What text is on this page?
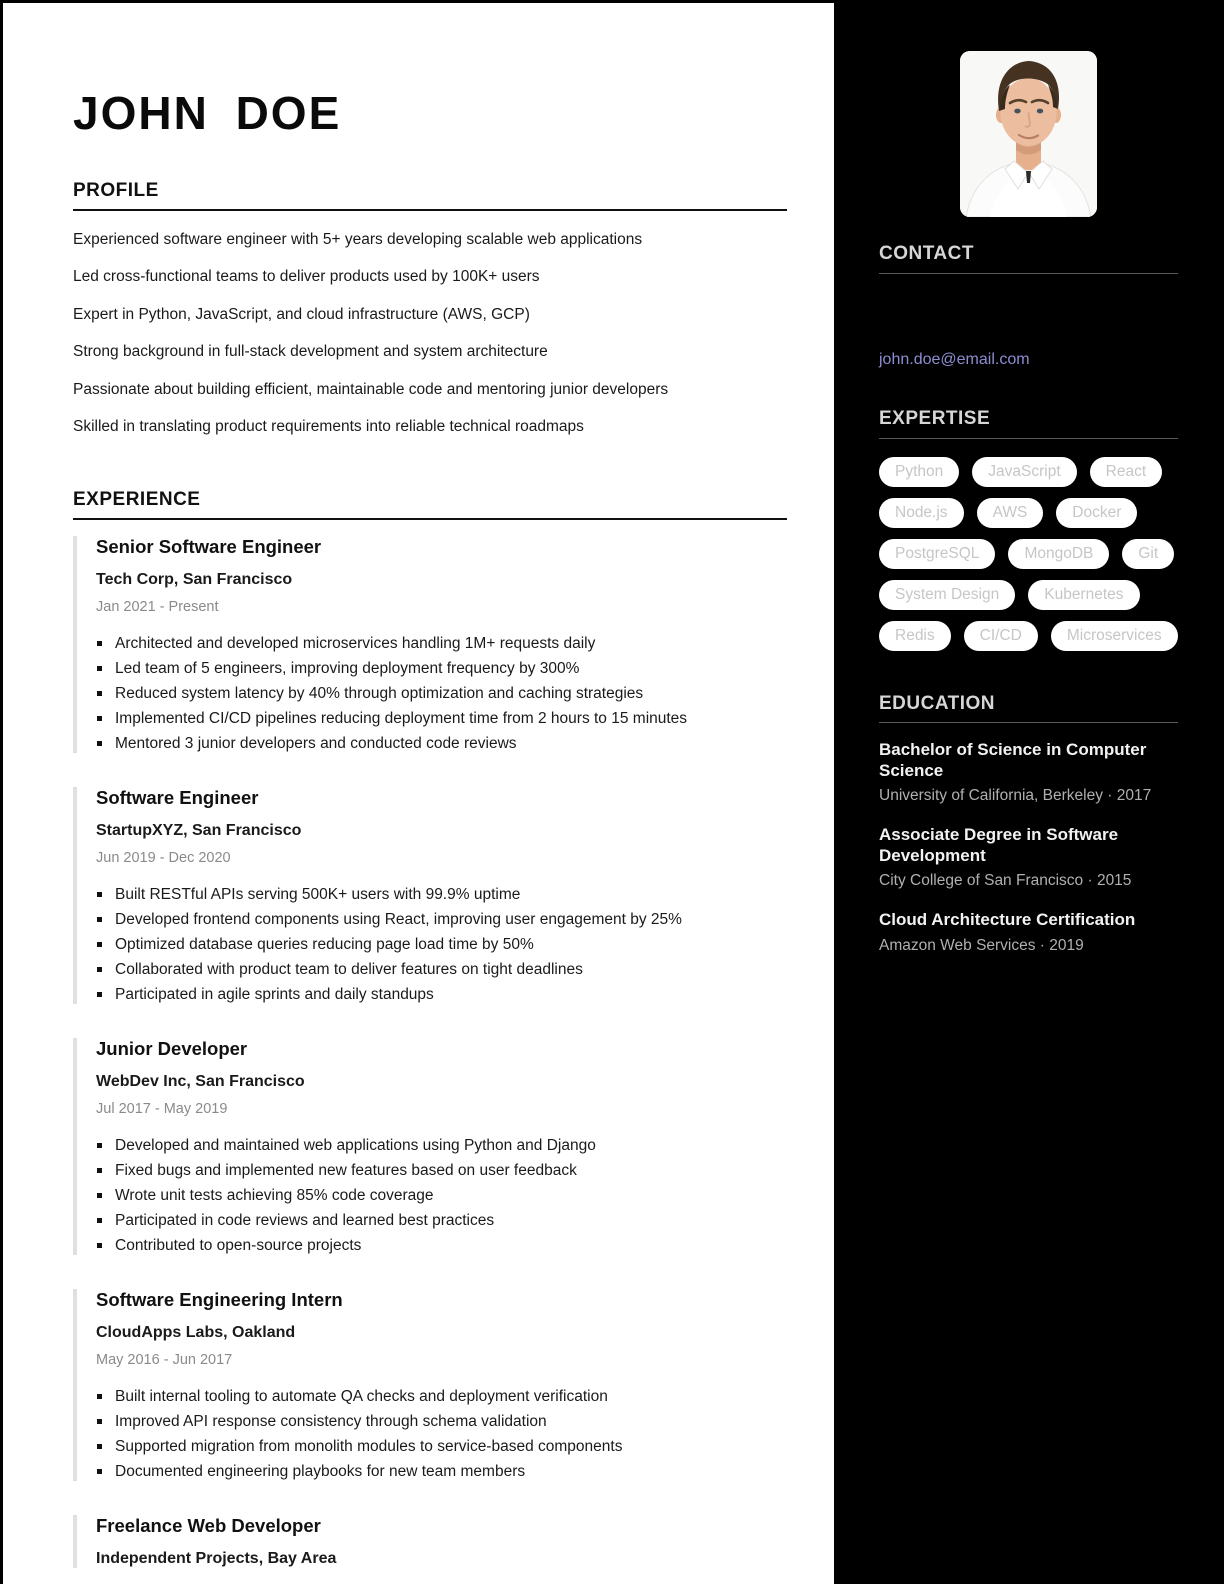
JOHN DOE
PROFILE

Experienced software engineer with 5+ years developing scalable web applications

Led cross-functional teams to deliver products used by 100K+ users

Expert in Python, JavaScript, and cloud infrastructure (AWS, GCP)

Strong background in full-stack development and system architecture

Passionate about building efficient, maintainable code and mentoring junior developers

Skilled in translating product requirements into reliable technical roadmaps

EXPERIENCE
Senior Software Engineer

Tech Corp, San Francisco

Jan 2021 - Present

Architected and developed microservices handling 1M+ requests daily
Led team of 5 engineers, improving deployment frequency by 300%
Reduced system latency by 40% through optimization and caching strategies
Implemented CI/CD pipelines reducing deployment time from 2 hours to 15 minutes
Mentored 3 junior developers and conducted code reviews
Software Engineer

StartupXYZ, San Francisco

Jun 2019 - Dec 2020

Built RESTful APIs serving 500K+ users with 99.9% uptime
Developed frontend components using React, improving user engagement by 25%
Optimized database queries reducing page load time by 50%
Collaborated with product team to deliver features on tight deadlines
Participated in agile sprints and daily standups
Junior Developer

WebDev Inc, San Francisco

Jul 2017 - May 2019

Developed and maintained web applications using Python and Django
Fixed bugs and implemented new features based on user feedback
Wrote unit tests achieving 85% code coverage
Participated in code reviews and learned best practices
Contributed to open-source projects
Software Engineering Intern

CloudApps Labs, Oakland

May 2016 - Jun 2017

Built internal tooling to automate QA checks and deployment verification
Improved API response consistency through schema validation
Supported migration from monolith modules to service-based components
Documented engineering playbooks for new team members
Freelance Web Developer

Independent Projects, Bay Area

CONTACT
john.doe@email.com
EXPERTISE
Python	JavaScript	React
Node.js	AWS	Docker
PostgreSQL	MongoDB	Git
System Design	Kubernetes
Redis	CI/CD	Microservices
EDUCATION

Bachelor of Science in Computer Science

University of California, Berkeley · 2017

Associate Degree in Software Development

City College of San Francisco · 2015

Cloud Architecture Certification

Amazon Web Services · 2019
